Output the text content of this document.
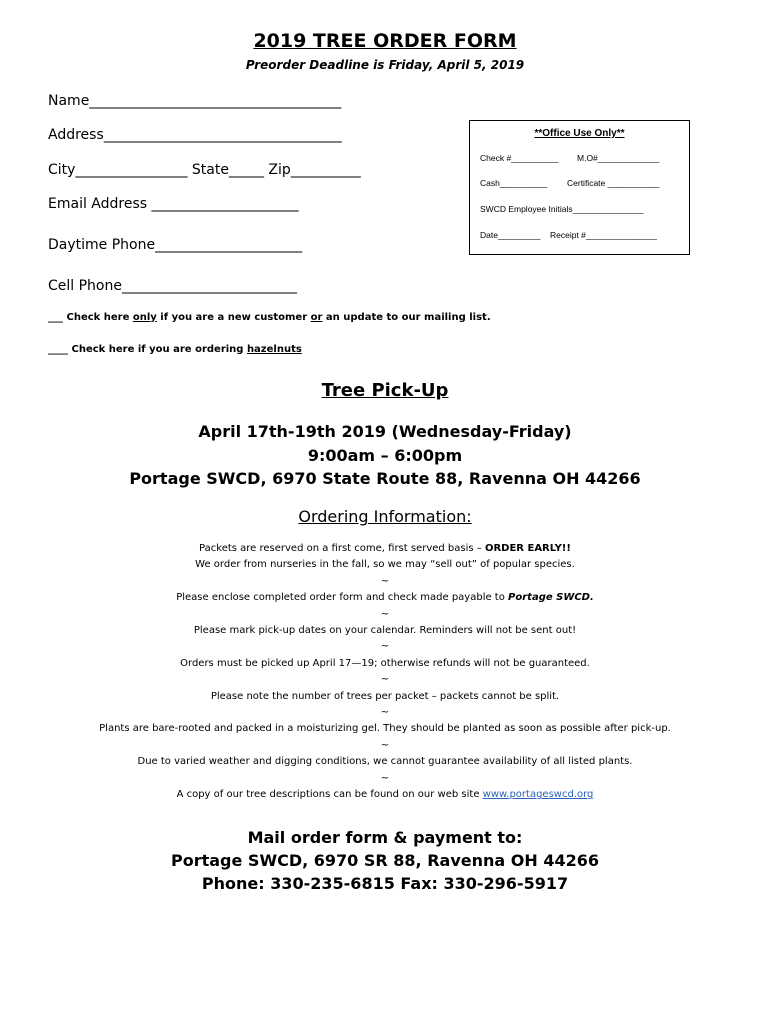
2019 TREE ORDER FORM
Preorder Deadline is Friday, April 5, 2019
Name____________________________________
Address__________________________________
City________________ State_____ Zip__________
Email Address _____________________
Daytime Phone_____________________
Cell Phone_________________________
**Office Use Only**
Check #__________ M.O#_____________
Cash__________ Certificate ___________
SWCD Employee Initials_______________
Date_________ Receipt #_______________
___ Check here only if you are a new customer or an update to our mailing list.
____ Check here if you are ordering hazelnuts
Tree Pick-Up
April 17th-19th 2019 (Wednesday-Friday)
9:00am – 6:00pm
Portage SWCD, 6970 State Route 88, Ravenna OH 44266
Ordering Information:
Packets are reserved on a first come, first served basis – ORDER EARLY!!
We order from nurseries in the fall, so we may “sell out” of popular species.
~
Please enclose completed order form and check made payable to Portage SWCD.
~
Please mark pick-up dates on your calendar. Reminders will not be sent out!
~
Orders must be picked up April 17—19; otherwise refunds will not be guaranteed.
~
Please note the number of trees per packet – packets cannot be split.
~
Plants are bare-rooted and packed in a moisturizing gel. They should be planted as soon as possible after pick-up.
~
Due to varied weather and digging conditions, we cannot guarantee availability of all listed plants.
~
A copy of our tree descriptions can be found on our web site www.portageswcd.org
Mail order form & payment to:
Portage SWCD, 6970 SR 88, Ravenna OH 44266
Phone: 330-235-6815 Fax: 330-296-5917
